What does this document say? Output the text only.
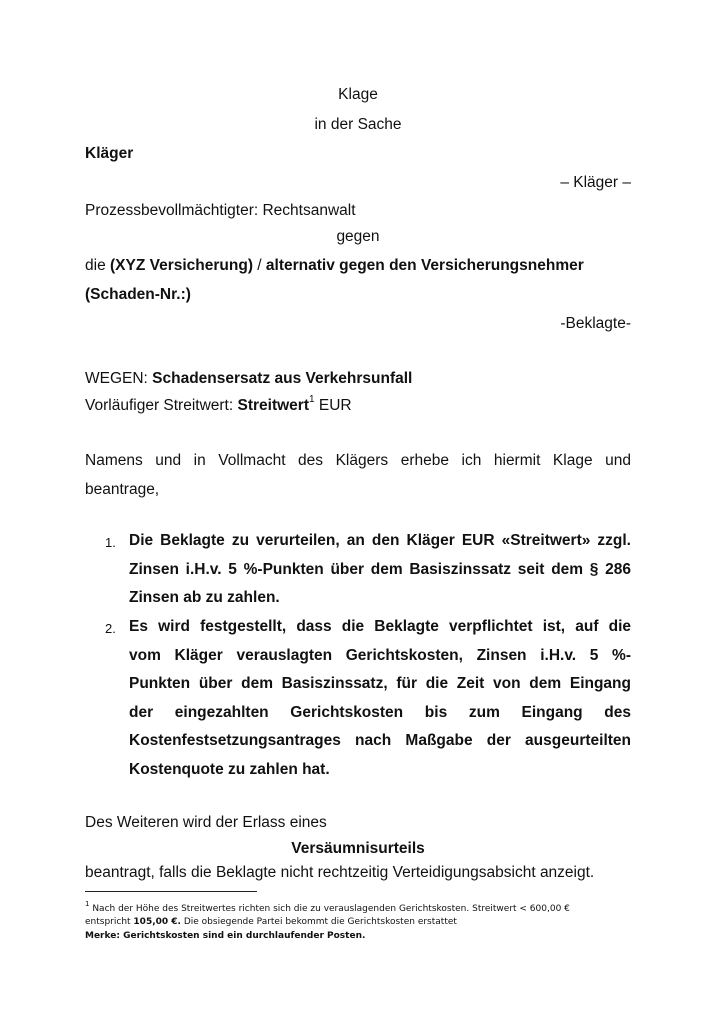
Klage
in der Sache
Kläger
– Kläger –
Prozessbevollmächtigter: Rechtsanwalt
gegen
die (XYZ Versicherung) / alternativ gegen den Versicherungsnehmer
(Schaden-Nr.:)
-Beklagte-
WEGEN: Schadensersatz aus Verkehrsunfall
Vorläufiger Streitwert: Streitwert$^1$ EUR
Namens und in Vollmacht des Klägers erhebe ich hiermit Klage und
beantrage,
1. Die Beklagte zu verurteilen, an den Kläger EUR «Streitwert» zzgl.
Zinsen i.H.v. 5 %-Punkten über dem Basiszinssatz seit dem § 286
Zinsen ab zu zahlen.
2. Es wird festgestellt, dass die Beklagte verpflichtet ist, auf die
vom Kläger verauslagten Gerichtskosten, Zinsen i.H.v. 5 %-
Punkten über dem Basiszinssatz, für die Zeit von dem Eingang
der eingezahlten Gerichtskosten bis zum Eingang des
Kostenfestsetzungsantrages nach Maßgabe der ausgeurteilten
Kostenquote zu zahlen hat.
Des Weiteren wird der Erlass eines
Versäumnisurteils
beantragt, falls die Beklagte nicht rechtzeitig Verteidigungsabsicht anzeigt.
$^1$ Nach der Höhe des Streitwertes richten sich die zu verauslagenden Gerichtskosten. Streitwert < 600,00 €
entspricht 105,00 €. Die obsiegende Partei bekommt die Gerichtskosten erstattet
Merke: Gerichtskosten sind ein durchlaufender Posten.
